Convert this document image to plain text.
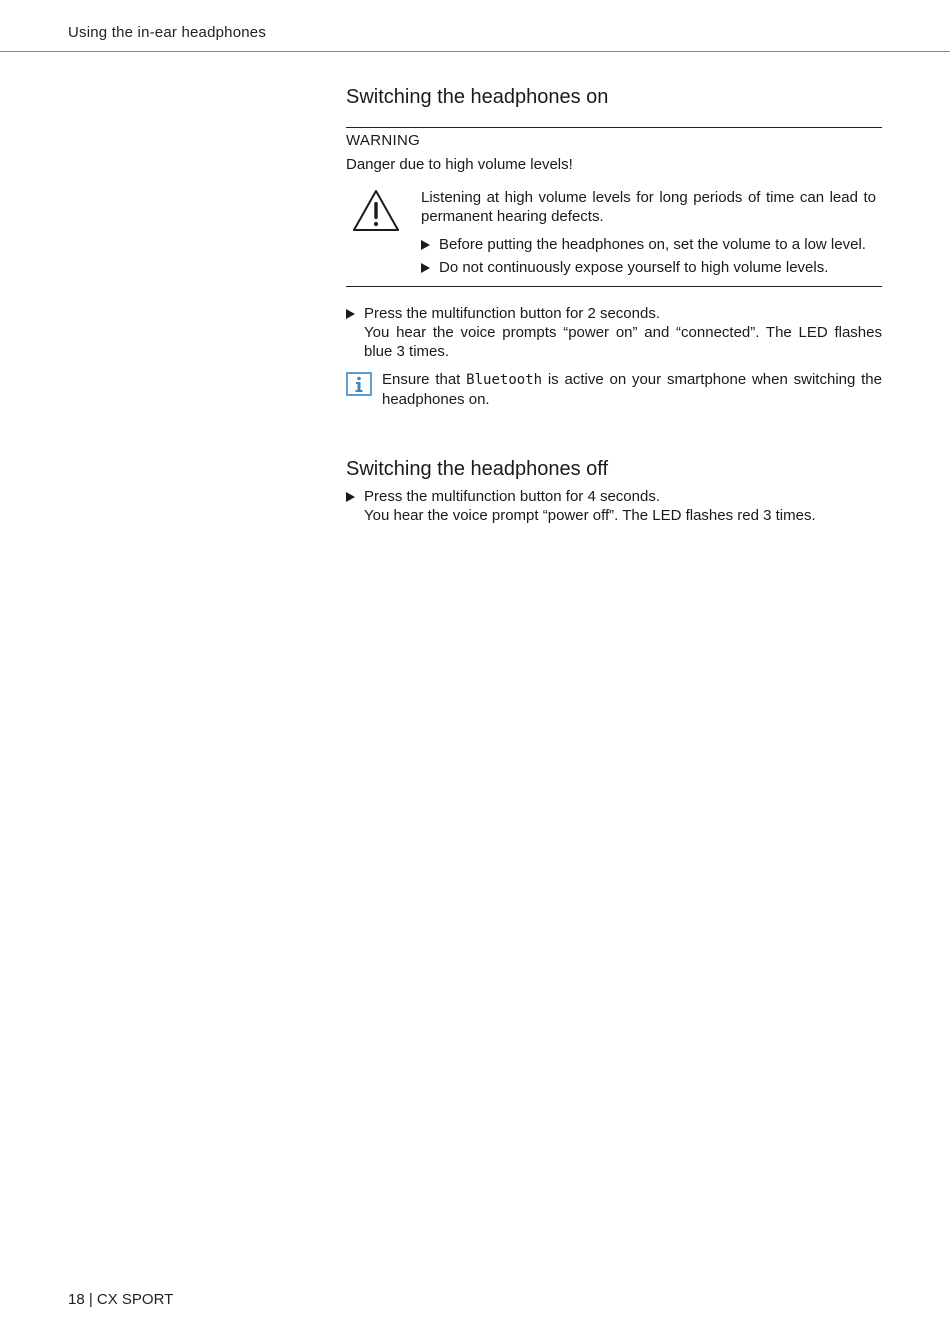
Using the in-ear headphones
Switching the headphones on
WARNING
Danger due to high volume levels!
Listening at high volume levels for long periods of time can lead to permanent hearing defects.
Before putting the headphones on, set the volume to a low level.
Do not continuously expose yourself to high volume levels.
Press the multifunction button for 2 seconds.
You hear the voice prompts “power on” and “connected”. The LED flashes blue 3 times.
Ensure that Bluetooth is active on your smartphone when switching the headphones on.
Switching the headphones off
Press the multifunction button for 4 seconds.
You hear the voice prompt “power off”. The LED flashes red 3 times.
18 | CX SPORT
